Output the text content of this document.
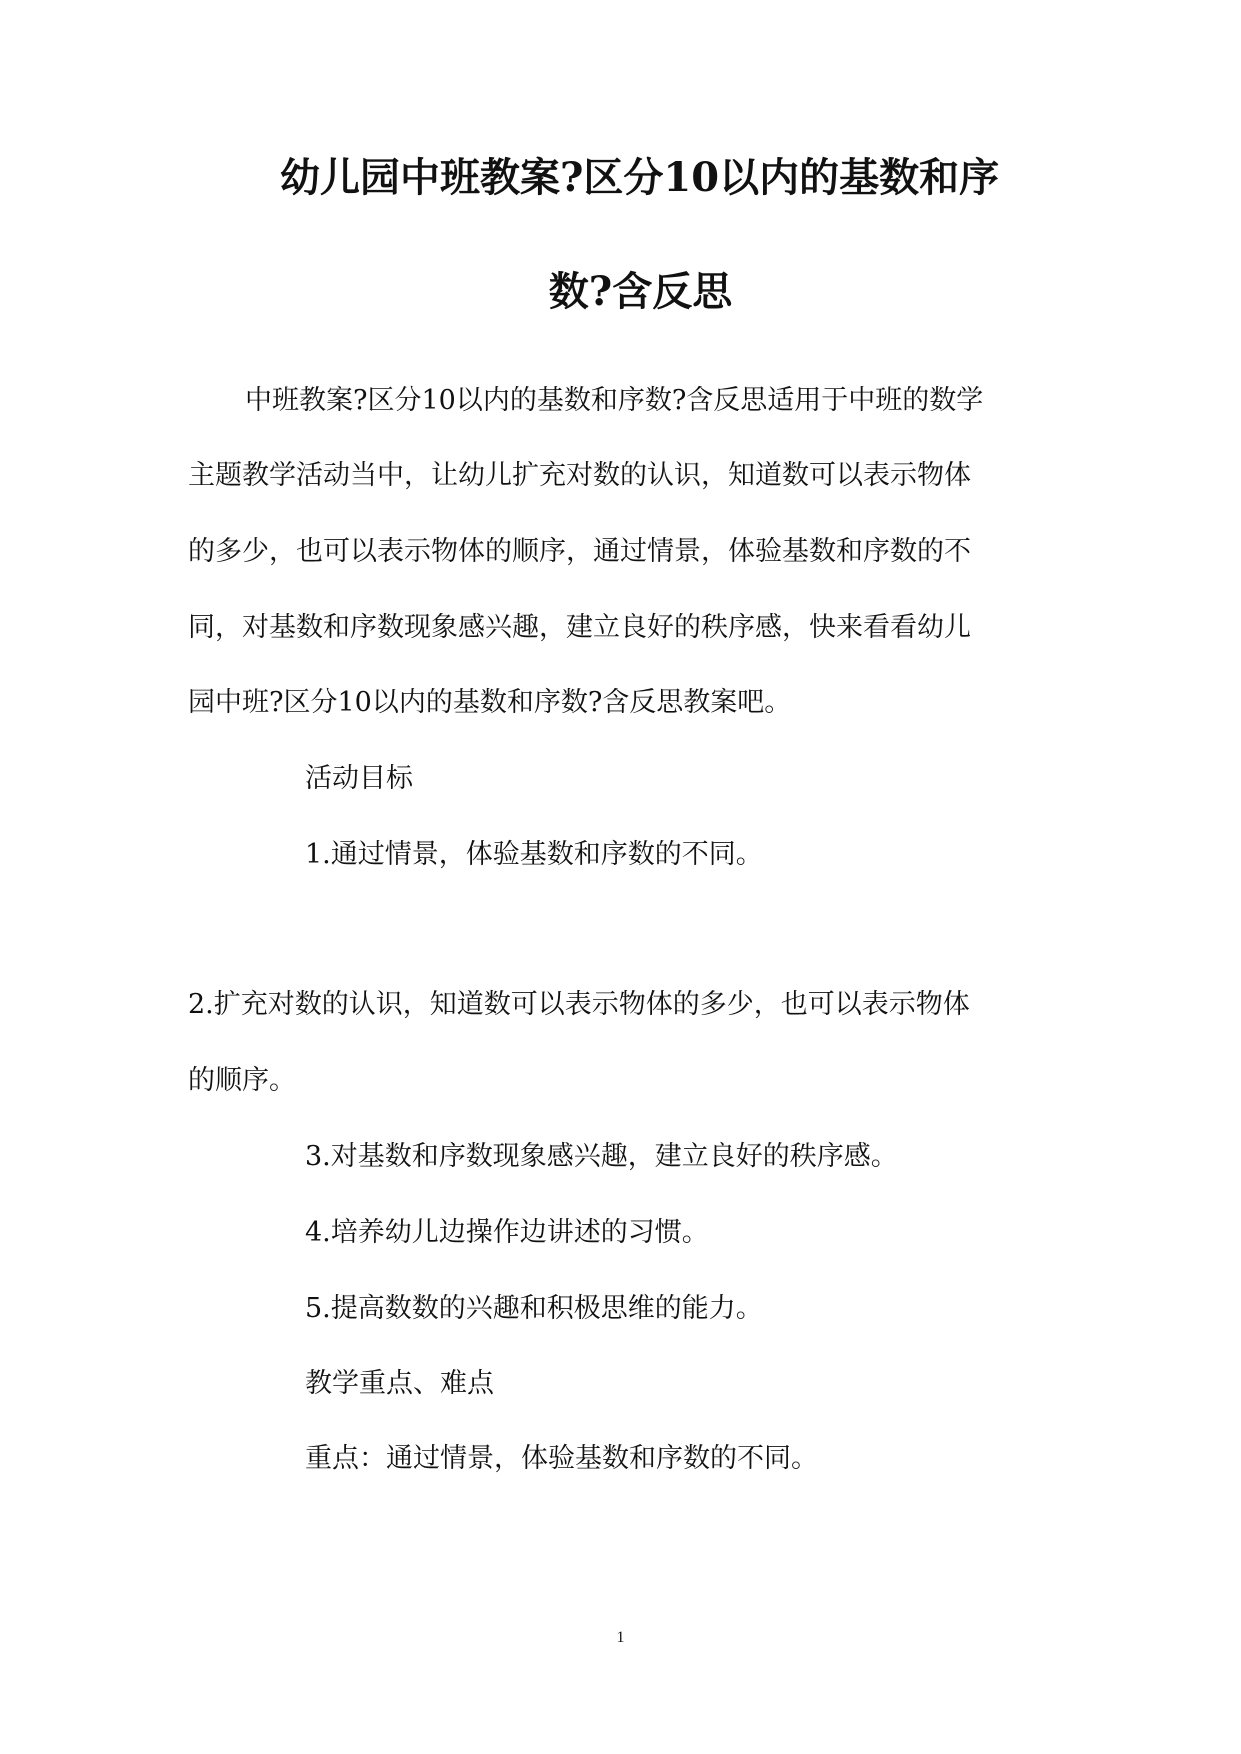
幼儿园中班教案?区分10以内的基数和序
数?含反思
中班教案?区分10以内的基数和序数?含反思适用于中班的数学
主题教学活动当中，让幼儿扩充对数的认识，知道数可以表示物体
的多少，也可以表示物体的顺序，通过情景，体验基数和序数的不
同，对基数和序数现象感兴趣，建立良好的秩序感，快来看看幼儿
园中班?区分10以内的基数和序数?含反思教案吧。
活动目标
1.通过情景，体验基数和序数的不同。
2.扩充对数的认识，知道数可以表示物体的多少，也可以表示物体
的顺序。
3.对基数和序数现象感兴趣，建立良好的秩序感。
4.培养幼儿边操作边讲述的习惯。
5.提高数数的兴趣和积极思维的能力。
教学重点、难点
重点：通过情景，体验基数和序数的不同。
1
